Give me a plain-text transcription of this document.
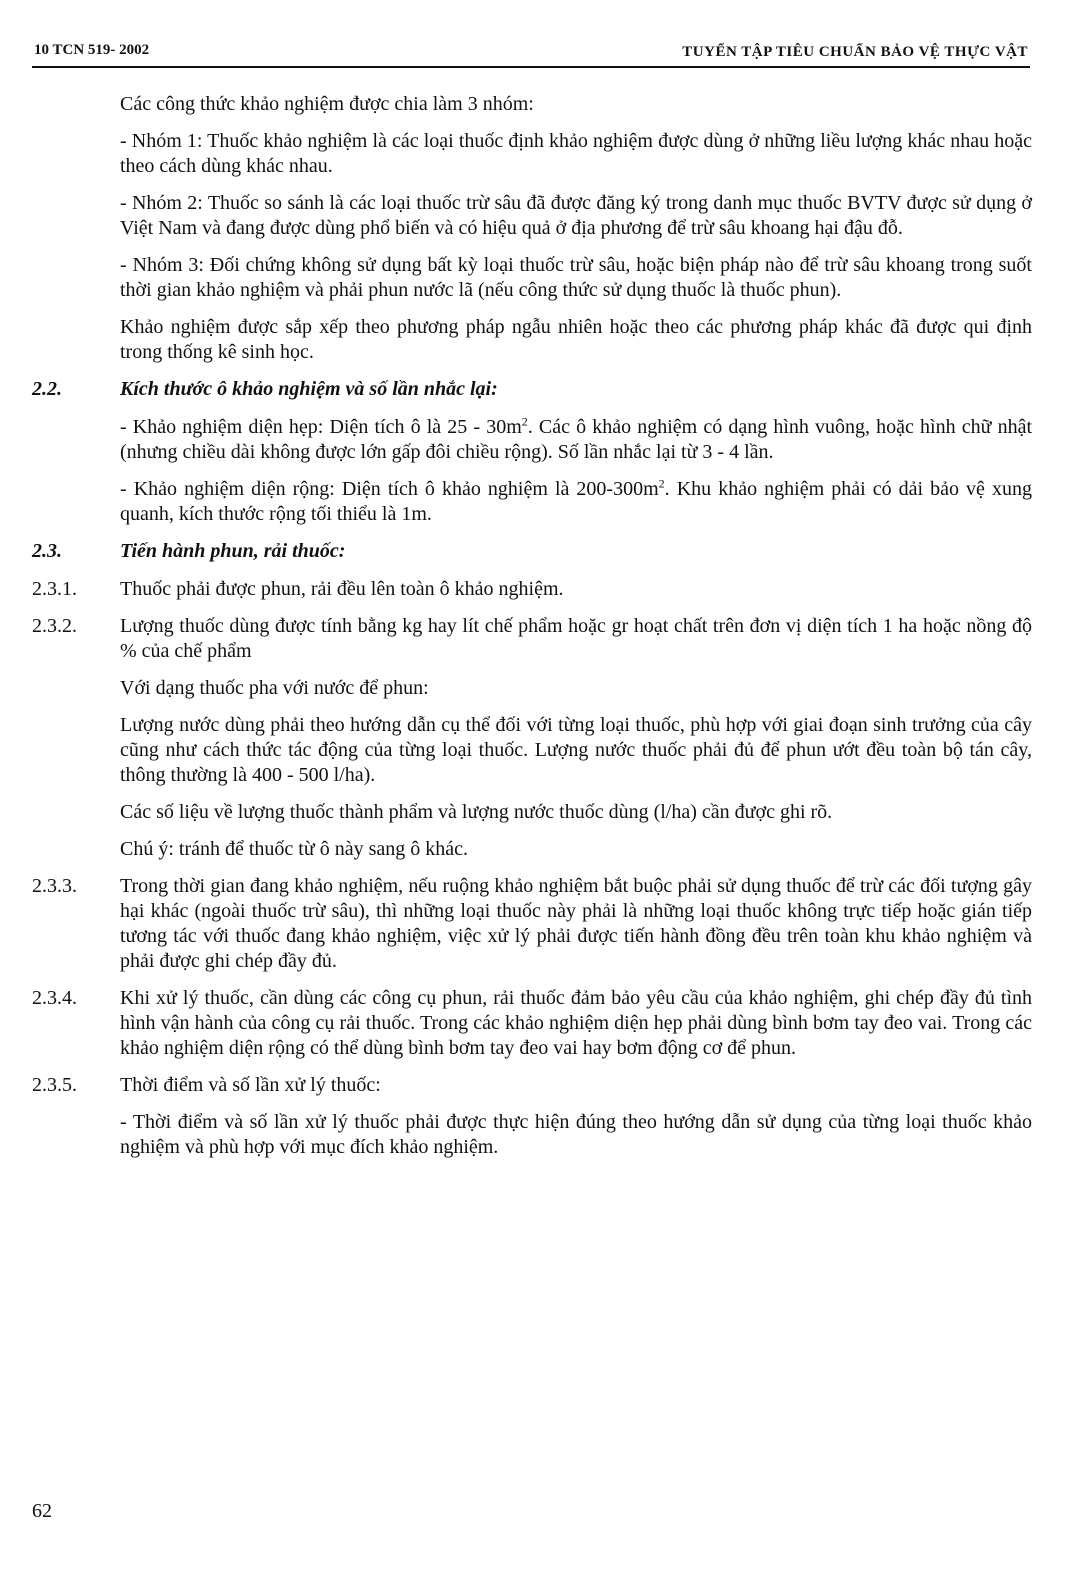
10 TCN 519- 2002	TUYỂN TẬP TIÊU CHUẨN BẢO VỆ THỰC VẬT

Các công thức khảo nghiệm được chia làm 3 nhóm:

- Nhóm 1: Thuốc khảo nghiệm là các loại thuốc định khảo nghiệm được dùng ở những liều lượng khác nhau hoặc theo cách dùng khác nhau.

- Nhóm 2: Thuốc so sánh là các loại thuốc trừ sâu đã được đăng ký trong danh mục thuốc BVTV được sử dụng ở Việt Nam và đang được dùng phổ biến và có hiệu quả ở địa phương để trừ sâu khoang hại đậu đỗ.

- Nhóm 3: Đối chứng không sử dụng bất kỳ loại thuốc trừ sâu, hoặc biện pháp nào để trừ sâu khoang trong suốt thời gian khảo nghiệm và phải phun nước lã (nếu công thức sử dụng thuốc là thuốc phun).

Khảo nghiệm được sắp xếp theo phương pháp ngẫu nhiên hoặc theo các phương pháp khác đã được qui định trong thống kê sinh học.

2.2.	Kích thước ô khảo nghiệm và số lần nhắc lại:

- Khảo nghiệm diện hẹp: Diện tích ô là $25 - 30m^2$. Các ô khảo nghiệm có dạng hình vuông, hoặc hình chữ nhật (nhưng chiều dài không được lớn gấp đôi chiều rộng). Số lần nhắc lại từ 3 - 4 lần.

- Khảo nghiệm diện rộng: Diện tích ô khảo nghiệm là $200-300m^2$. Khu khảo nghiệm phải có dải bảo vệ xung quanh, kích thước rộng tối thiểu là 1m.

2.3.	Tiến hành phun, rải thuốc:
2.3.1. Thuốc phải được phun, rải đều lên toàn ô khảo nghiệm.
2.3.2. Lượng thuốc dùng được tính bằng kg hay lít chế phẩm hoặc gr hoạt chất trên đơn vị diện tích 1 ha hoặc nồng độ % của chế phẩm

Với dạng thuốc pha với nước để phun:

Lượng nước dùng phải theo hướng dẫn cụ thể đối với từng loại thuốc, phù hợp với giai đoạn sinh trưởng của cây cũng như cách thức tác động của từng loại thuốc. Lượng nước thuốc phải đủ để phun ướt đều toàn bộ tán cây, thông thường là 400 - 500 l/ha).

Các số liệu về lượng thuốc thành phẩm và lượng nước thuốc dùng (l/ha) cần được ghi rõ.

Chú ý: tránh để thuốc từ ô này sang ô khác.

2.3.3. Trong thời gian đang khảo nghiệm, nếu ruộng khảo nghiệm bắt buộc phải sử dụng thuốc để trừ các đối tượng gây hại khác (ngoài thuốc trừ sâu), thì những loại thuốc này phải là những loại thuốc không trực tiếp hoặc gián tiếp tương tác với thuốc đang khảo nghiệm, việc xử lý phải được tiến hành đồng đều trên toàn khu khảo nghiệm và phải được ghi chép đầy đủ.
2.3.4. Khi xử lý thuốc, cần dùng các công cụ phun, rải thuốc đảm bảo yêu cầu của khảo nghiệm, ghi chép đầy đủ tình hình vận hành của công cụ rải thuốc. Trong các khảo nghiệm diện hẹp phải dùng bình bơm tay đeo vai. Trong các khảo nghiệm diện rộng có thể dùng bình bơm tay đeo vai hay bơm động cơ để phun.
2.3.5. Thời điểm và số lần xử lý thuốc:

- Thời điểm và số lần xử lý thuốc phải được thực hiện đúng theo hướng dẫn sử dụng của từng loại thuốc khảo nghiệm và phù hợp với mục đích khảo nghiệm.

62
